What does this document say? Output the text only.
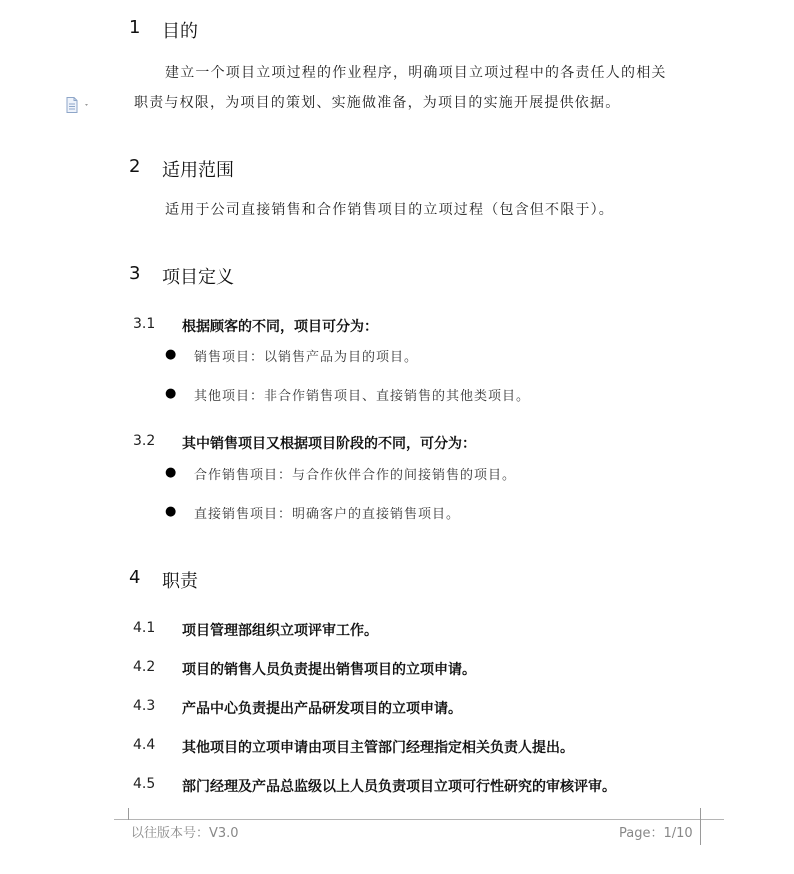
1 目的
建立一个项目立项过程的作业程序，明确项目立项过程中的各责任人的相关
职责与权限，为项目的策划、实施做准备，为项目的实施开展提供依据。
2 适用范围
适用于公司直接销售和合作销售项目的立项过程（包含但不限于）。
3 项目定义
3.1 根据顾客的不同，项目可分为：
● 销售项目：以销售产品为目的项目。
● 其他项目：非合作销售项目、直接销售的其他类项目。
3.2 其中销售项目又根据项目阶段的不同，可分为：
● 合作销售项目：与合作伙伴合作的间接销售的项目。
● 直接销售项目：明确客户的直接销售项目。
4 职责
4.1 项目管理部组织立项评审工作。
4.2 项目的销售人员负责提出销售项目的立项申请。
4.3 产品中心负责提出产品研发项目的立项申请。
4.4 其他项目的立项申请由项目主管部门经理指定相关负责人提出。
4.5 部门经理及产品总监级以上人员负责项目立项可行性研究的审核评审。
以往版本号：V3.0	Page：1/10
